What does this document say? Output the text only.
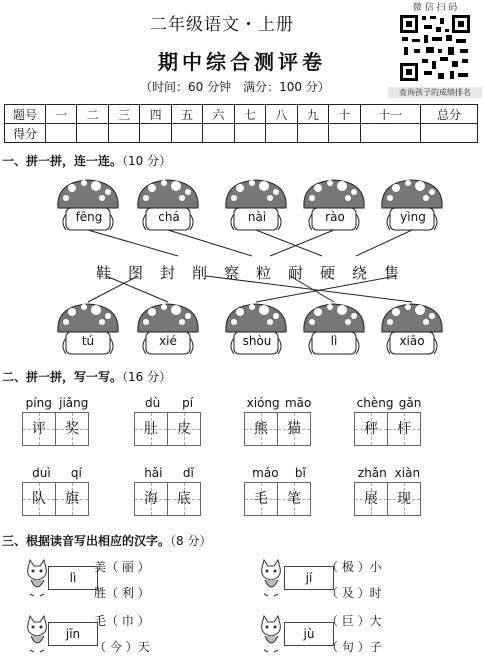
二年级语文・上册
期中综合测评卷
（时间：60 分钟　满分：100 分）
微 信 扫 码
查询孩子的成绩排名
题号	一	二	三	四	五	六	七	八	九	十	十一	总分
得分												
一、拼一拼，连一连。（10 分）
fēng	chá	nài	rào	yìng
鞋 图 封 削 察 粒 耐 硬 绕 售
tú	xié	shòu	lì	xiāo
二、拼一拼，写一写。（16 分）
píng jiǎng
评 奖
dù pí
肚 皮
xióng māo
熊 猫
chèng gǎn
秤 杆
duì qí
队 旗
hǎi dǐ
海 底
máo bǐ
毛 笔
zhǎn xiàn
展 现
三、根据读音写出相应的汉字。（8 分）
lì
美（ 丽 ）
胜（ 利 ）
jí
（ 极 ）小
（ 及 ）时
jīn
毛（ 巾 ）
（ 今 ）天
jù
（ 巨 ）大
（ 句 ）子
